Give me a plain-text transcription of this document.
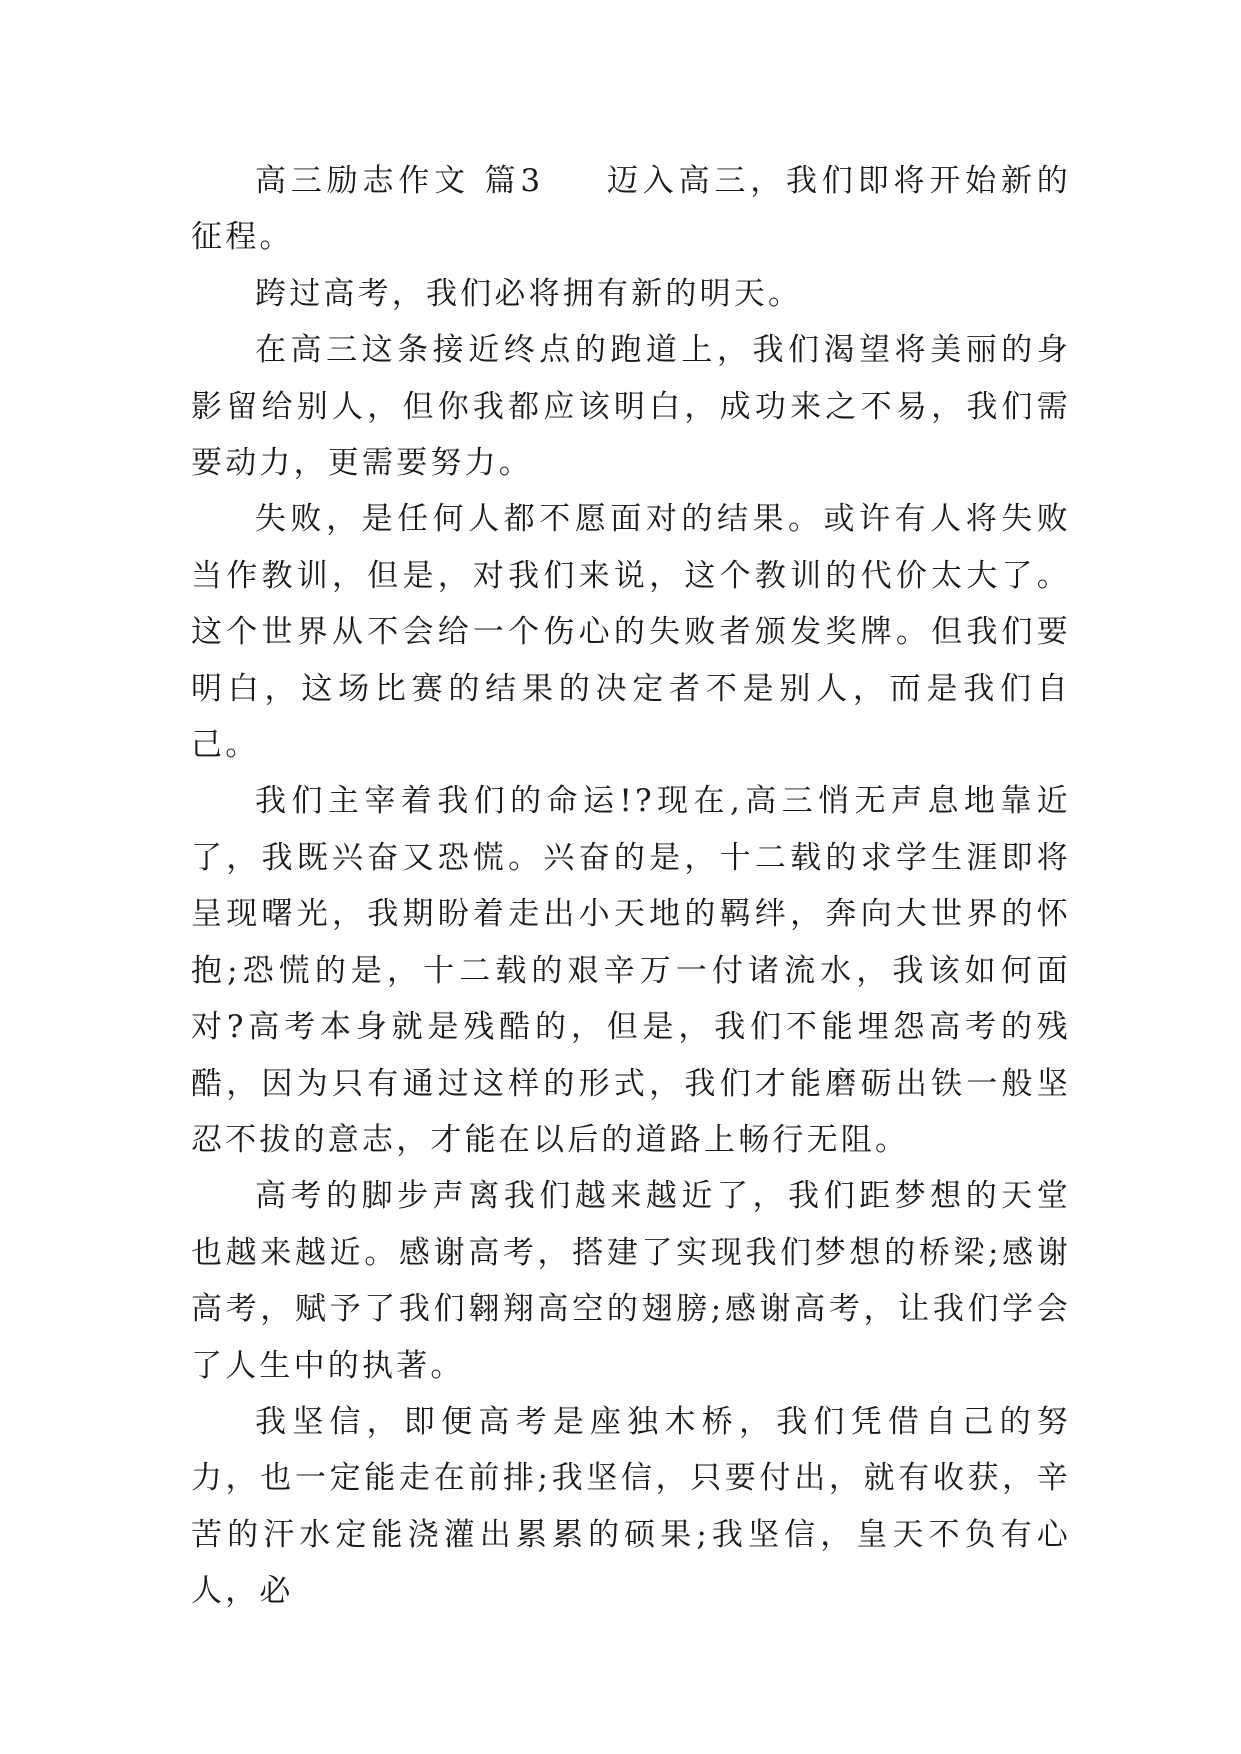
高三励志作文 篇3 迈入高三，我们即将开始新的征程。

跨过高考，我们必将拥有新的明天。

在高三这条接近终点的跑道上，我们渴望将美丽的身影留给别人，但你我都应该明白，成功来之不易，我们需要动力，更需要努力。

失败，是任何人都不愿面对的结果。或许有人将失败当作教训，但是，对我们来说，这个教训的代价太大了。这个世界从不会给一个伤心的失败者颁发奖牌。但我们要明白，这场比赛的结果的决定者不是别人，而是我们自己。

我们主宰着我们的命运!?现在,高三悄无声息地靠近了，我既兴奋又恐慌。兴奋的是，十二载的求学生涯即将呈现曙光，我期盼着走出小天地的羁绊，奔向大世界的怀抱;恐慌的是，十二载的艰辛万一付诸流水，我该如何面对?高考本身就是残酷的，但是，我们不能埋怨高考的残酷，因为只有通过这样的形式，我们才能磨砺出铁一般坚忍不拔的意志，才能在以后的道路上畅行无阻。

高考的脚步声离我们越来越近了，我们距梦想的天堂也越来越近。感谢高考，搭建了实现我们梦想的桥梁;感谢高考，赋予了我们翱翔高空的翅膀;感谢高考，让我们学会了人生中的执著。

我坚信，即便高考是座独木桥，我们凭借自己的努力，也一定能走在前排;我坚信，只要付出，就有收获，辛苦的汗水定能浇灌出累累的硕果;我坚信，皇天不负有心人，必
